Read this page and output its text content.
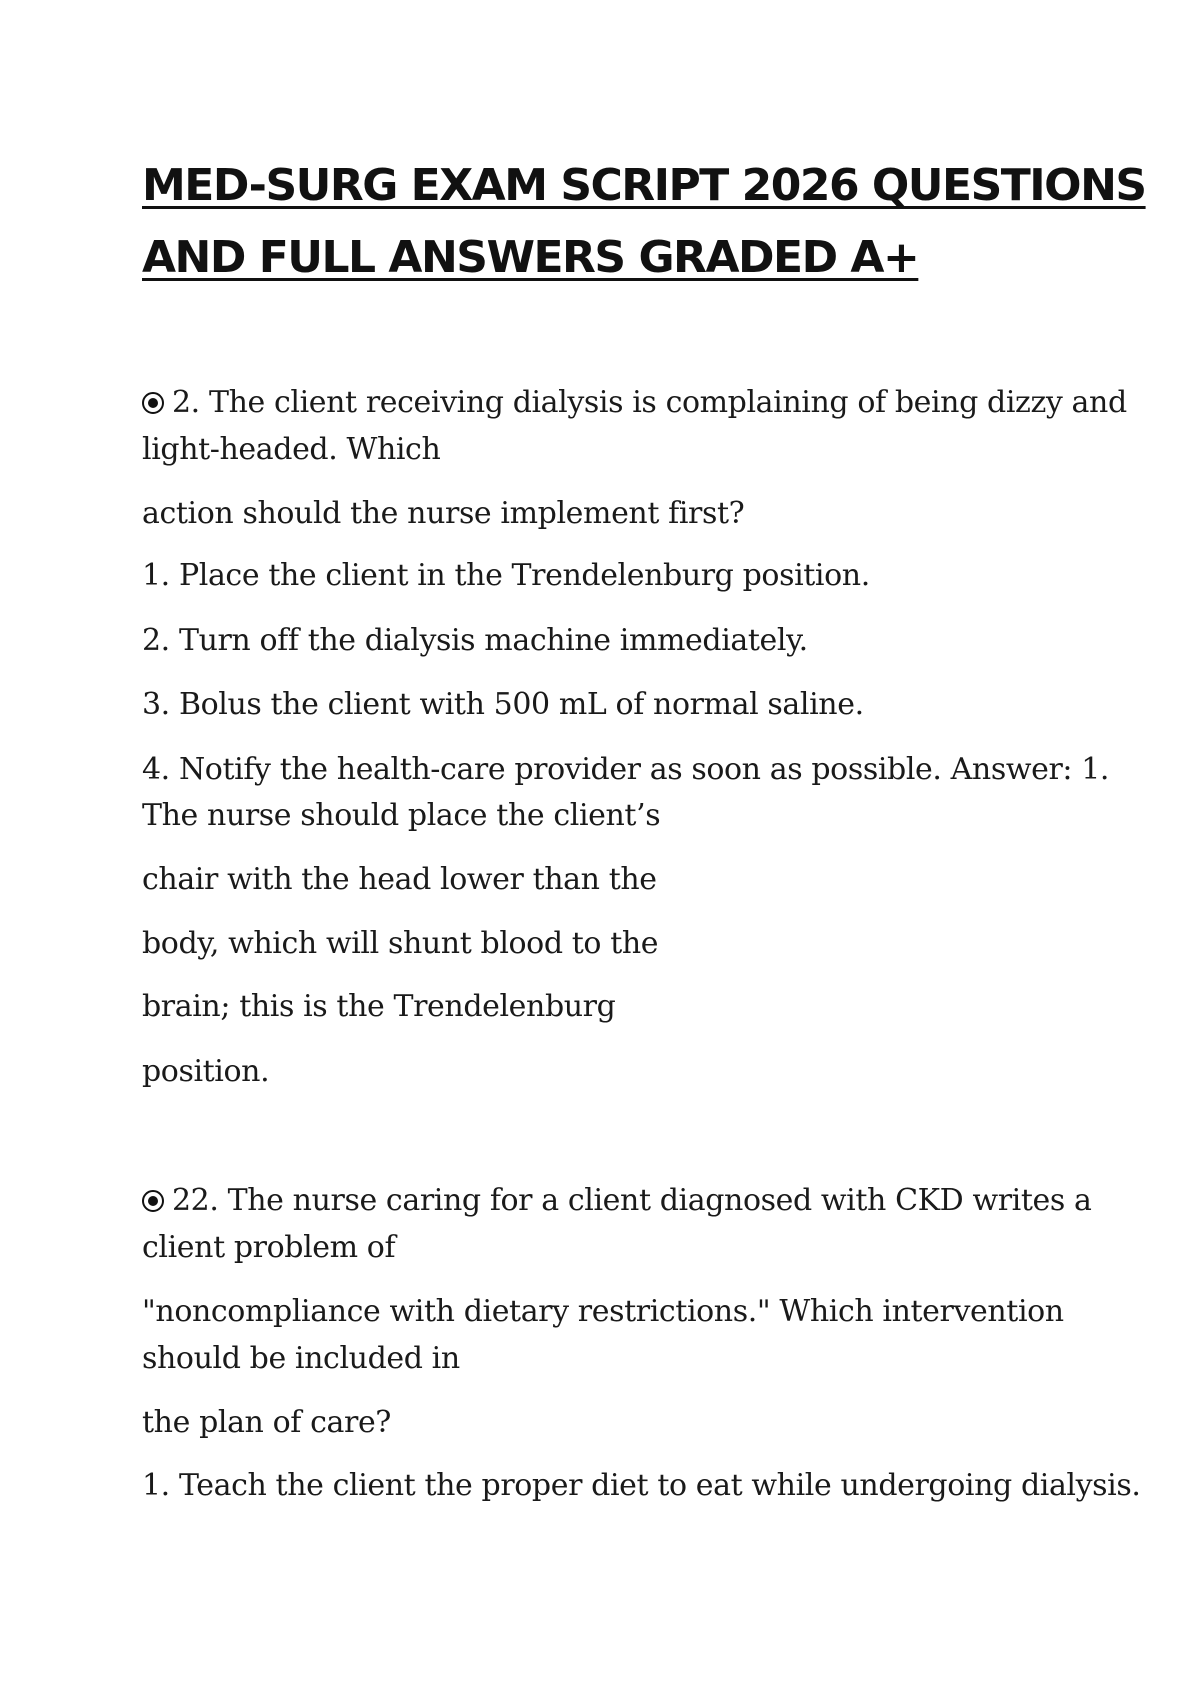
MED-SURG EXAM SCRIPT 2026 QUESTIONS
AND FULL ANSWERS GRADED A+
2. The client receiving dialysis is complaining of being dizzy and
light-headed. Which
action should the nurse implement first?
1. Place the client in the Trendelenburg position.
2. Turn off the dialysis machine immediately.
3. Bolus the client with 500 mL of normal saline.
4. Notify the health-care provider as soon as possible. Answer: 1.
The nurse should place the client’s
chair with the head lower than the
body, which will shunt blood to the
brain; this is the Trendelenburg
position.
22. The nurse caring for a client diagnosed with CKD writes a
client problem of
"noncompliance with dietary restrictions." Which intervention
should be included in
the plan of care?
1. Teach the client the proper diet to eat while undergoing dialysis.
